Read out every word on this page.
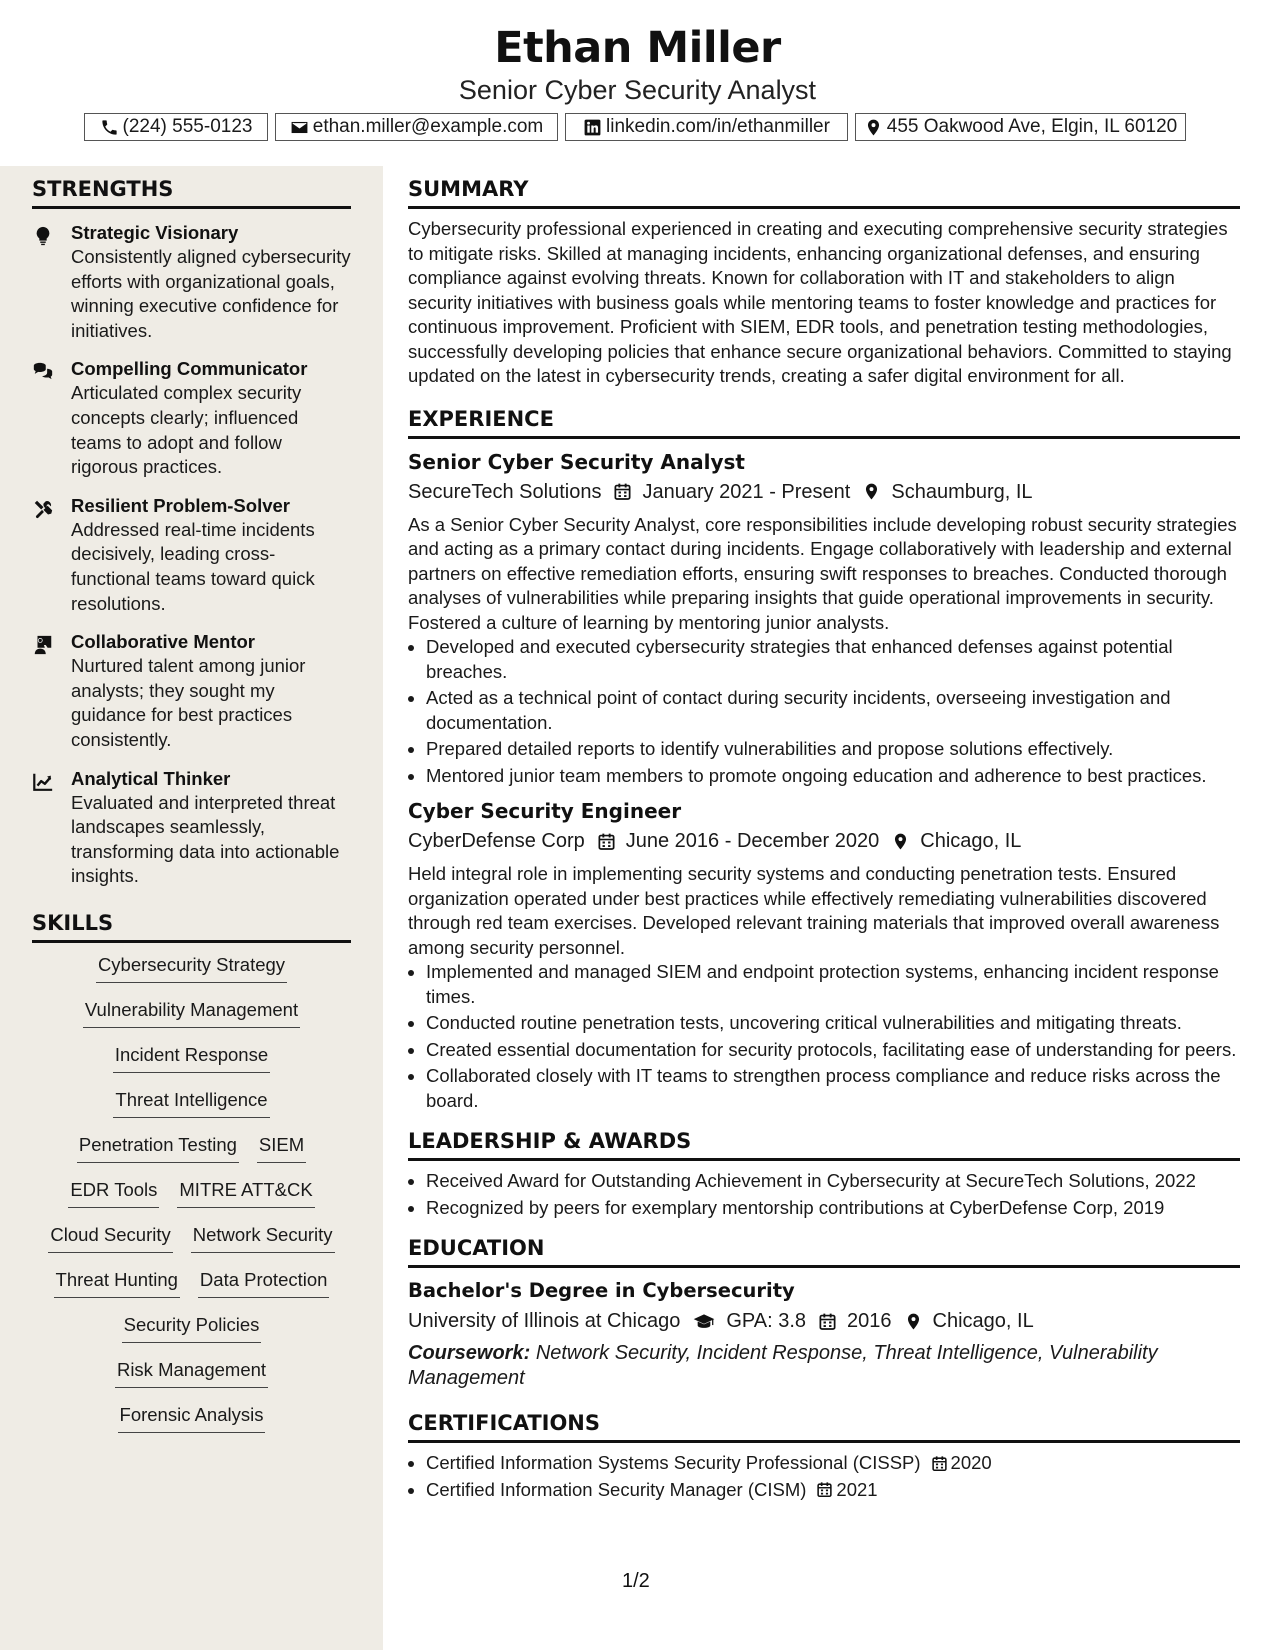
Ethan Miller
Senior Cyber Security Analyst
(224) 555-0123	ethan.miller@example.com	linkedin.com/in/ethanmiller	455 Oakwood Ave, Elgin, IL 60120
STRENGTHS
Strategic Visionary
Consistently aligned cybersecurity efforts with organizational goals, winning executive confidence for initiatives.
Compelling Communicator
Articulated complex security concepts clearly; influenced teams to adopt and follow rigorous practices.
Resilient Problem-Solver
Addressed real-time incidents decisively, leading cross-functional teams toward quick resolutions.
Collaborative Mentor
Nurtured talent among junior analysts; they sought my guidance for best practices consistently.
Analytical Thinker
Evaluated and interpreted threat landscapes seamlessly, transforming data into actionable insights.
SKILLS
Cybersecurity Strategy
Vulnerability Management
Incident Response
Threat Intelligence
Penetration Testing SIEM
EDR Tools MITRE ATT&CK
Cloud Security Network Security
Threat Hunting Data Protection
Security Policies
Risk Management
Forensic Analysis
SUMMARY
Cybersecurity professional experienced in creating and executing comprehensive security strategies to mitigate risks. Skilled at managing incidents, enhancing organizational defenses, and ensuring compliance against evolving threats. Known for collaboration with IT and stakeholders to align security initiatives with business goals while mentoring teams to foster knowledge and practices for continuous improvement. Proficient with SIEM, EDR tools, and penetration testing methodologies, successfully developing policies that enhance secure organizational behaviors. Committed to staying updated on the latest in cybersecurity trends, creating a safer digital environment for all.
EXPERIENCE
Senior Cyber Security Analyst
SecureTech Solutions January 2021 - Present Schaumburg, IL
As a Senior Cyber Security Analyst, core responsibilities include developing robust security strategies and acting as a primary contact during incidents. Engage collaboratively with leadership and external partners on effective remediation efforts, ensuring swift responses to breaches. Conducted thorough analyses of vulnerabilities while preparing insights that guide operational improvements in security. Fostered a culture of learning by mentoring junior analysts.
• Developed and executed cybersecurity strategies that enhanced defenses against potential breaches.
• Acted as a technical point of contact during security incidents, overseeing investigation and documentation.
• Prepared detailed reports to identify vulnerabilities and propose solutions effectively.
• Mentored junior team members to promote ongoing education and adherence to best practices.
Cyber Security Engineer
CyberDefense Corp June 2016 - December 2020 Chicago, IL
Held integral role in implementing security systems and conducting penetration tests. Ensured organization operated under best practices while effectively remediating vulnerabilities discovered through red team exercises. Developed relevant training materials that improved overall awareness among security personnel.
• Implemented and managed SIEM and endpoint protection systems, enhancing incident response times.
• Conducted routine penetration tests, uncovering critical vulnerabilities and mitigating threats.
• Created essential documentation for security protocols, facilitating ease of understanding for peers.
• Collaborated closely with IT teams to strengthen process compliance and reduce risks across the board.
LEADERSHIP & AWARDS
• Received Award for Outstanding Achievement in Cybersecurity at SecureTech Solutions, 2022
• Recognized by peers for exemplary mentorship contributions at CyberDefense Corp, 2019
EDUCATION
Bachelor's Degree in Cybersecurity
University of Illinois at Chicago GPA: 3.8 2016 Chicago, IL
Coursework: Network Security, Incident Response, Threat Intelligence, Vulnerability Management
CERTIFICATIONS
• Certified Information Systems Security Professional (CISSP) 2020
• Certified Information Security Manager (CISM) 2021
1/2
